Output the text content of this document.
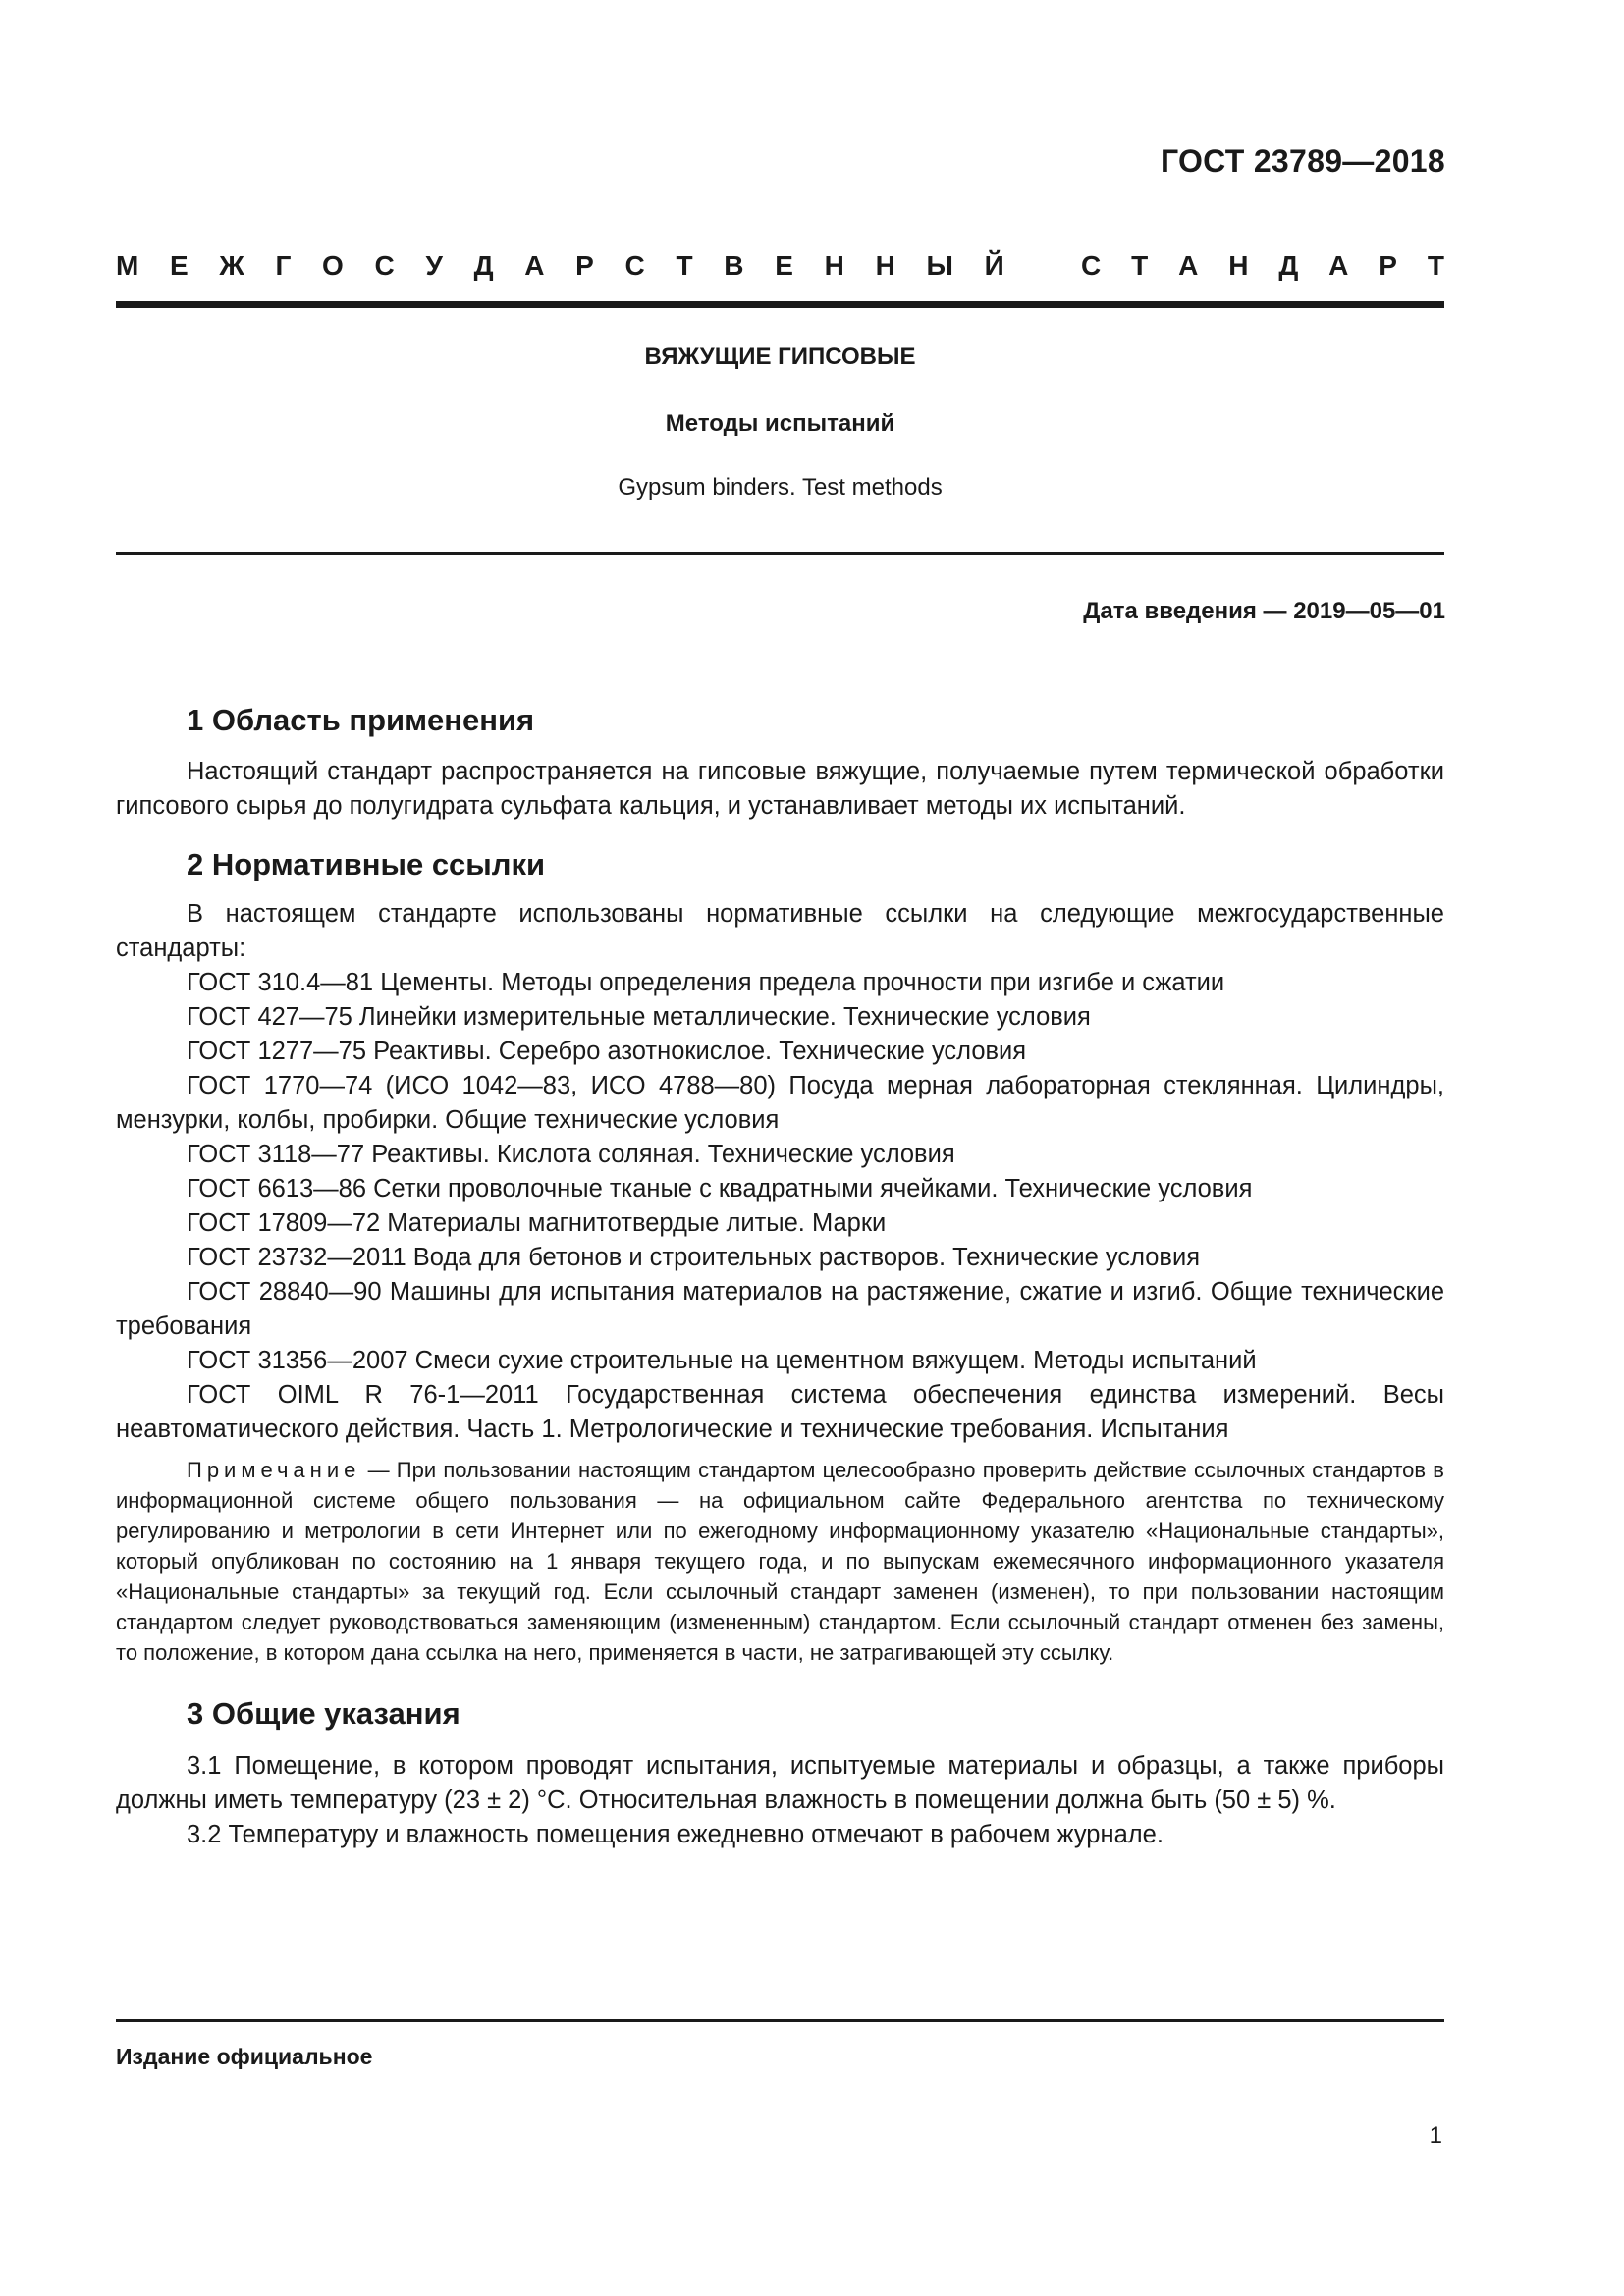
ГОСТ 23789—2018
М Е Ж Г О С У Д А Р С Т В Е Н Н Ы Й	С Т А Н Д А Р Т
ВЯЖУЩИЕ ГИПСОВЫЕ
Методы испытаний
Gypsum binders. Test methods
Дата введения — 2019—05—01
1 Область применения

Настоящий стандарт распространяется на гипсовые вяжущие, получаемые путем термической обработки гипсового сырья до полугидрата сульфата кальция, и устанавливает методы их испытаний.

2 Нормативные ссылки

В настоящем стандарте использованы нормативные ссылки на следующие межгосударственные стандарты:

ГОСТ 310.4—81 Цементы. Методы определения предела прочности при изгибе и сжатии

ГОСТ 427—75 Линейки измерительные металлические. Технические условия

ГОСТ 1277—75 Реактивы. Серебро азотнокислое. Технические условия

ГОСТ 1770—74 (ИСО 1042—83, ИСО 4788—80) Посуда мерная лабораторная стеклянная. Цилиндры, мензурки, колбы, пробирки. Общие технические условия

ГОСТ 3118—77 Реактивы. Кислота соляная. Технические условия

ГОСТ 6613—86 Сетки проволочные тканые с квадратными ячейками. Технические условия

ГОСТ 17809—72 Материалы магнитотвердые литые. Марки

ГОСТ 23732—2011 Вода для бетонов и строительных растворов. Технические условия

ГОСТ 28840—90 Машины для испытания материалов на растяжение, сжатие и изгиб. Общие технические требования

ГОСТ 31356—2007 Смеси сухие строительные на цементном вяжущем. Методы испытаний

ГОСТ OIML R 76-1—2011 Государственная система обеспечения единства измерений. Весы неавтоматического действия. Часть 1. Метрологические и технические требования. Испытания

Примечание — При пользовании настоящим стандартом целесообразно проверить действие ссылочных стандартов в информационной системе общего пользования — на официальном сайте Федерального агентства по техническому регулированию и метрологии в сети Интернет или по ежегодному информационному указателю «Национальные стандарты», который опубликован по состоянию на 1 января текущего года, и по выпускам ежемесячного информационного указателя «Национальные стандарты» за текущий год. Если ссылочный стандарт заменен (изменен), то при пользовании настоящим стандартом следует руководствоваться заменяющим (измененным) стандартом. Если ссылочный стандарт отменен без замены, то положение, в котором дана ссылка на него, применяется в части, не затрагивающей эту ссылку.
3 Общие указания

3.1 Помещение, в котором проводят испытания, испытуемые материалы и образцы, а также приборы должны иметь температуру (23 ± 2) °С. Относительная влажность в помещении должна быть (50 ± 5) %.

3.2 Температуру и влажность помещения ежедневно отмечают в рабочем журнале.

Издание официальное
1
